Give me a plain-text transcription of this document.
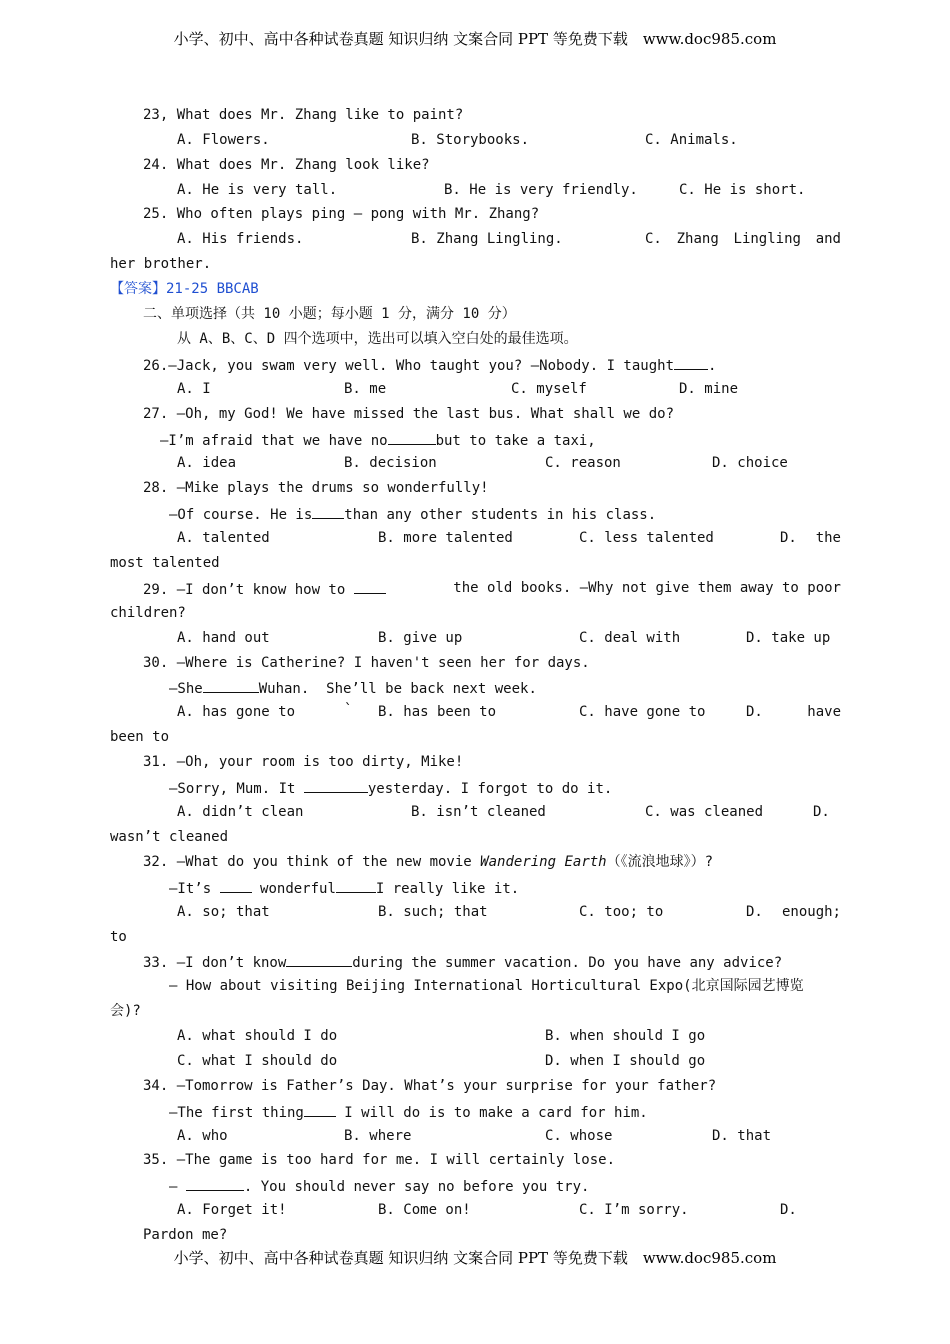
小学、初中、高中各种试卷真题 知识归纳 文案合同 PPT 等免费下载　www.doc985.com
23, What does Mr. Zhang like to paint?
A. Flowers.	B. Storybooks.	C. Animals.
24. What does Mr. Zhang look like?
A. He is very tall.	B. He is very friendly.	C. He is short.
25. Who often plays ping – pong with Mr. Zhang?
A. His friends.	B. Zhang Lingling.	C. Zhang Lingling and
her brother.
【答案】21-25 BBCAB
二、单项选择（共 10 小题；每小题 1 分，满分 10 分）
从 A、B、C、D 四个选项中，选出可以填入空白处的最佳选项。
26.—Jack, you swam very well. Who taught you? —Nobody. I taught .
A. I	B. me	C. myself	D. mine
27. —Oh, my God! We have missed the last bus. What shall we do?
—I’m afraid that we have no	but to take a taxi,
A. idea	B. decision	C. reason	D. choice
28. —Mike plays the drums so wonderfully!
—Of course. He is than any other students in his class.
A. talented	B. more talented	C. less talented	D. the
most talented
29. —I don’t know how to	the old books. —Why not give them away to poor
children?
A. hand out	B. give up	C. deal with	D. take up
30. —Where is Catherine? I haven't seen her for days.
—She	Wuhan.  She’ll be back next week.
A. has gone to	` B. has been to	C. have gone to	D.	have
been to
31. —Oh, your room is too dirty, Mike!
—Sorry, Mum. It	yesterday. I forgot to do it.
A. didn’t clean	B. isn’t cleaned	C. was cleaned	D.
wasn’t cleaned
32. —What do you think of the new movie Wandering Earth（《流浪地球》）?
—It’s	wonderful	I really like it.
A. so; that	B. such; that	C. too; to	D. enough;
to
33. —I don’t know	during the summer vacation. Do you have any advice?
— How about visiting Beijing International Horticultural Expo(北京国际园艺博览
会)?
A. what should I do	B. when should I go
C. what I should do	D. when I should go
34. —Tomorrow is Father’s Day. What’s your surprise for your father?
—The first thing	I will do is to make a card for him.
A. who	B. where	C. whose	D. that
35. —The game is too hard for me. I will certainly lose.
—	. You should never say no before you try.
A. Forget it!	B. Come on!	C. I’m sorry.	D.
Pardon me?
小学、初中、高中各种试卷真题 知识归纳 文案合同 PPT 等免费下载　www.doc985.com
